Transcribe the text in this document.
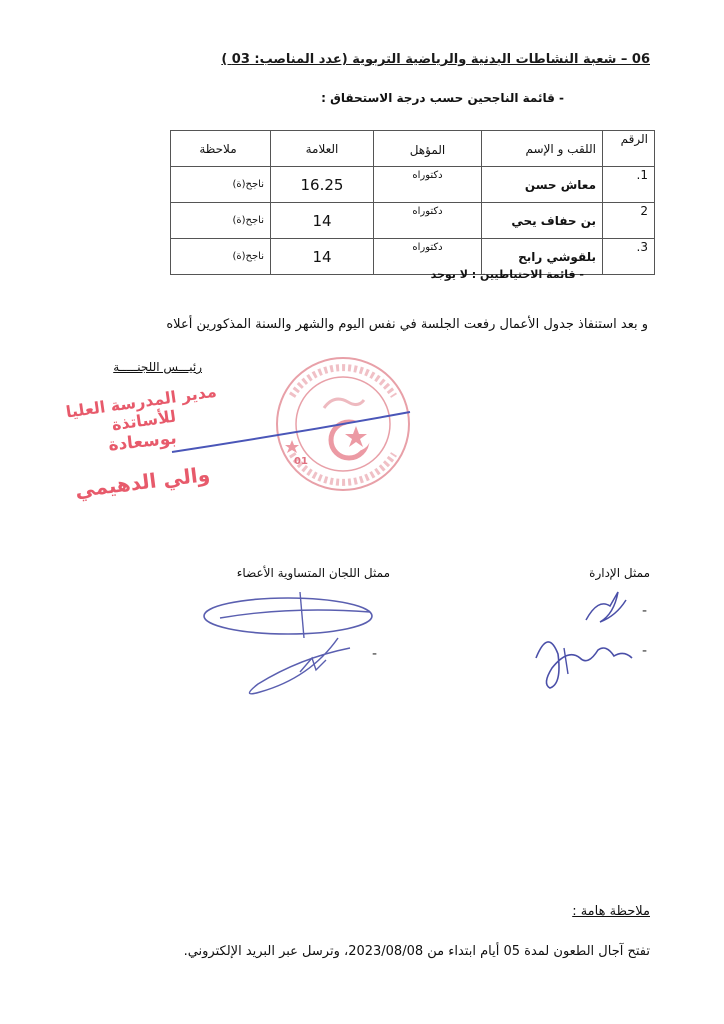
06 – شعبة النشاطات البدنية والرياضية التربوية (عدد المناصب: 03 )
- قائمة الناجحين حسب درجة الاستحقاق :
الرقم	اللقب و الإسم	المؤهل	العلامة	ملاحظة
1.	معاش حسن	دكتوراه	16.25	ناجح(ة)
2	بن حفاف يحي	دكتوراه	14	ناجح(ة)
3.	بلقوشي رابح	دكتوراه	14	ناجح(ة)
- قائمة الاحتياطيين : لا يوجد
و بعد استنفاذ جدول الأعمال رفعت الجلسة في نفس اليوم والشهر والسنة المذكورين أعلاه
رئيـــس اللجنـــــة
01
مدير المدرسة العليا للأساتذة
بوسعادة
والي الدهيمي
ممثل الإدارة
ممثل اللجان المتساوية الأعضاء
-
-
-
ملاحظة هامة :
تفتح آجال الطعون لمدة 05 أيام ابتداء من 2023/08/08، وترسل عبر البريد الإلكتروني.
